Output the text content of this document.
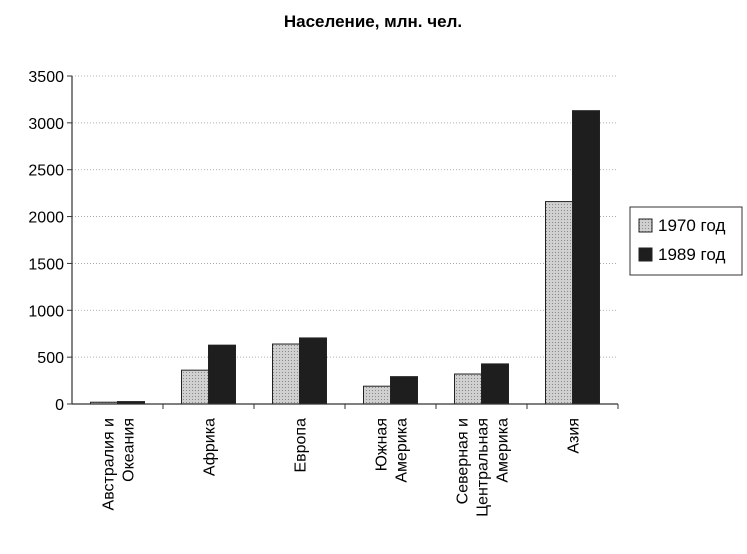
Население, млн. чел.
0
500
1000
1500
2000
2500
3000
3500
Австралия и Океания	Африка	Европа	Южная Америка	Северная и Центральная Америка	Азия
1970 год
1989 год
